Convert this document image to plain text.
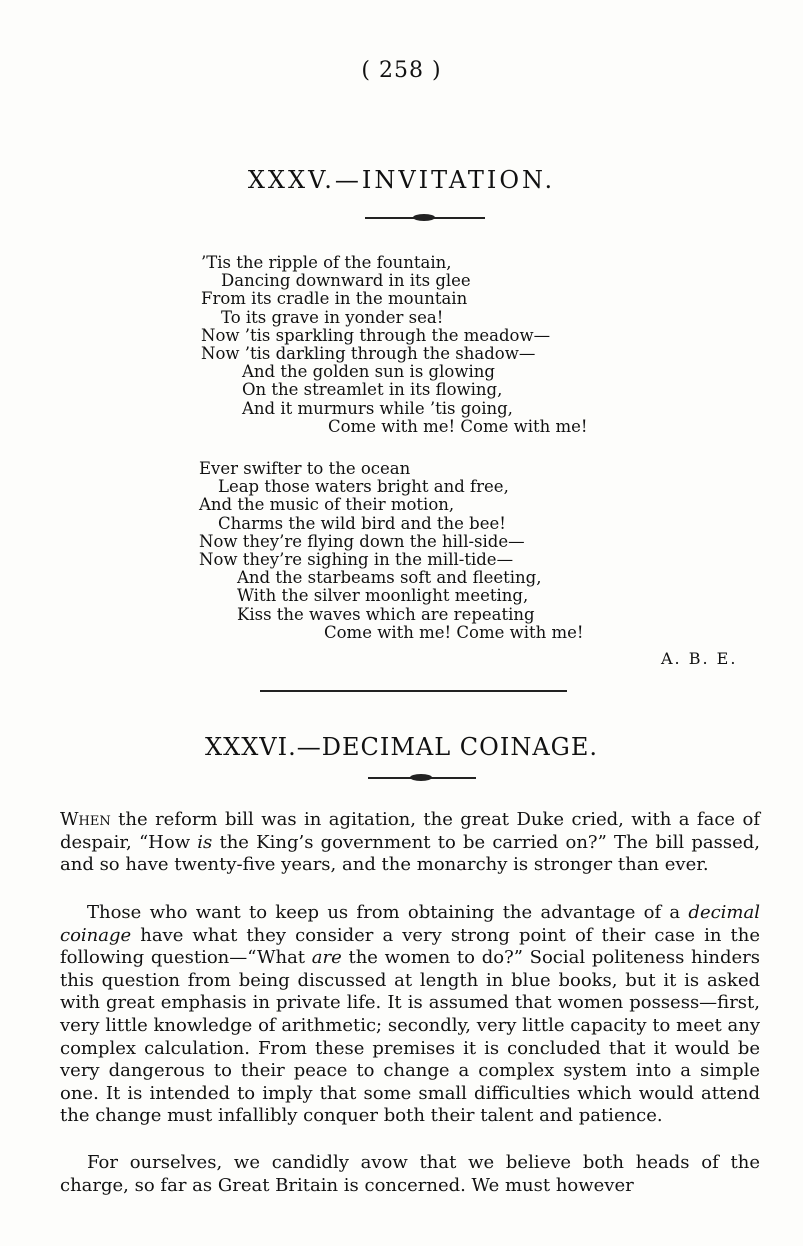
( 258 )
XXXV.—INVITATION.
’Tis the ripple of the fountain,
Dancing downward in its glee
From its cradle in the mountain
To its grave in yonder sea!
Now ’tis sparkling through the meadow—
Now ’tis darkling through the shadow—
And the golden sun is glowing
On the streamlet in its flowing,
And it murmurs while ’tis going,
Come with me! Come with me!
Ever swifter to the ocean
Leap those waters bright and free,
And the music of their motion,
Charms the wild bird and the bee!
Now they’re flying down the hill-side—
Now they’re sighing in the mill-tide—
And the starbeams soft and fleeting,
With the silver moonlight meeting,
Kiss the waves which are repeating
Come with me! Come with me!
A. B. E.
XXXVI.—DECIMAL COINAGE.

When the reform bill was in agitation, the great Duke cried, with a face of despair, “How is the King’s government to be carried on?” The bill passed, and so have twenty-five years, and the monarchy is stronger than ever.

Those who want to keep us from obtaining the advantage of a decimal coinage have what they consider a very strong point of their case in the following question—“What are the women to do?” Social politeness hinders this question from being discussed at length in blue books, but it is asked with great emphasis in private life. It is assumed that women possess—first, very little knowledge of arithmetic; secondly, very little capacity to meet any complex calculation. From these premises it is concluded that it would be very dangerous to their peace to change a complex system into a simple one. It is intended to imply that some small difficulties which would attend the change must infallibly conquer both their talent and patience.

For ourselves, we candidly avow that we believe both heads of the charge, so far as Great Britain is concerned. We must however
